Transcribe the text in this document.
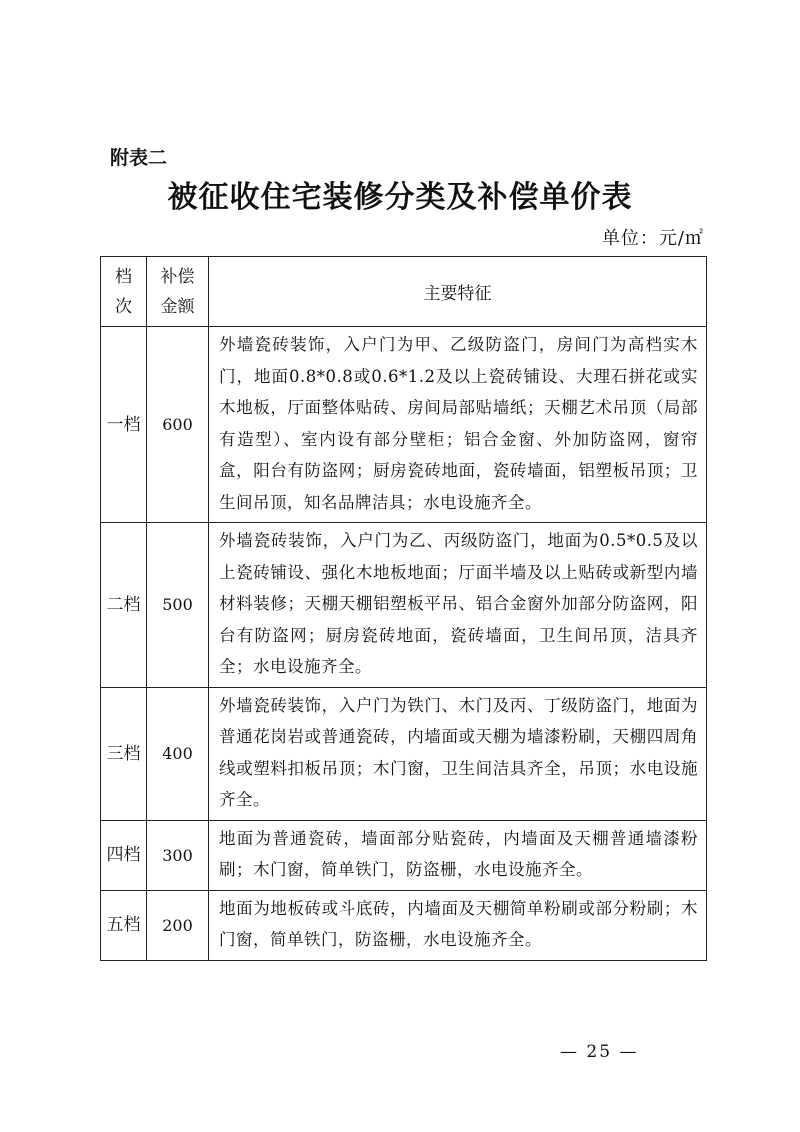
附表二
被征收住宅装修分类及补偿单价表
单位：元/㎡
档次	补偿金额	主要特征
一档	600	外墙瓷砖装饰，入户门为甲、乙级防盗门，房间门为高档实木门，地面0.8*0.8或0.6*1.2及以上瓷砖铺设、大理石拼花或实木地板，厅面整体贴砖、房间局部贴墙纸；天棚艺术吊顶（局部有造型）、室内设有部分壁柜；铝合金窗、外加防盗网，窗帘盒，阳台有防盗网；厨房瓷砖地面，瓷砖墙面，铝塑板吊顶；卫生间吊顶，知名品牌洁具；水电设施齐全。
二档	500	外墙瓷砖装饰，入户门为乙、丙级防盗门，地面为0.5*0.5及以上瓷砖铺设、强化木地板地面；厅面半墙及以上贴砖或新型内墙材料装修；天棚天棚铝塑板平吊、铝合金窗外加部分防盗网，阳台有防盗网；厨房瓷砖地面，瓷砖墙面，卫生间吊顶，洁具齐全；水电设施齐全。
三档	400	外墙瓷砖装饰，入户门为铁门、木门及丙、丁级防盗门，地面为普通花岗岩或普通瓷砖，内墙面或天棚为墙漆粉刷，天棚四周角线或塑料扣板吊顶；木门窗，卫生间洁具齐全，吊顶；水电设施齐全。
四档	300	地面为普通瓷砖，墙面部分贴瓷砖，内墙面及天棚普通墙漆粉刷；木门窗，简单铁门，防盗栅，水电设施齐全。
五档	200	地面为地板砖或斗底砖，内墙面及天棚简单粉刷或部分粉刷；木门窗，简单铁门，防盗栅，水电设施齐全。
— 25 —
